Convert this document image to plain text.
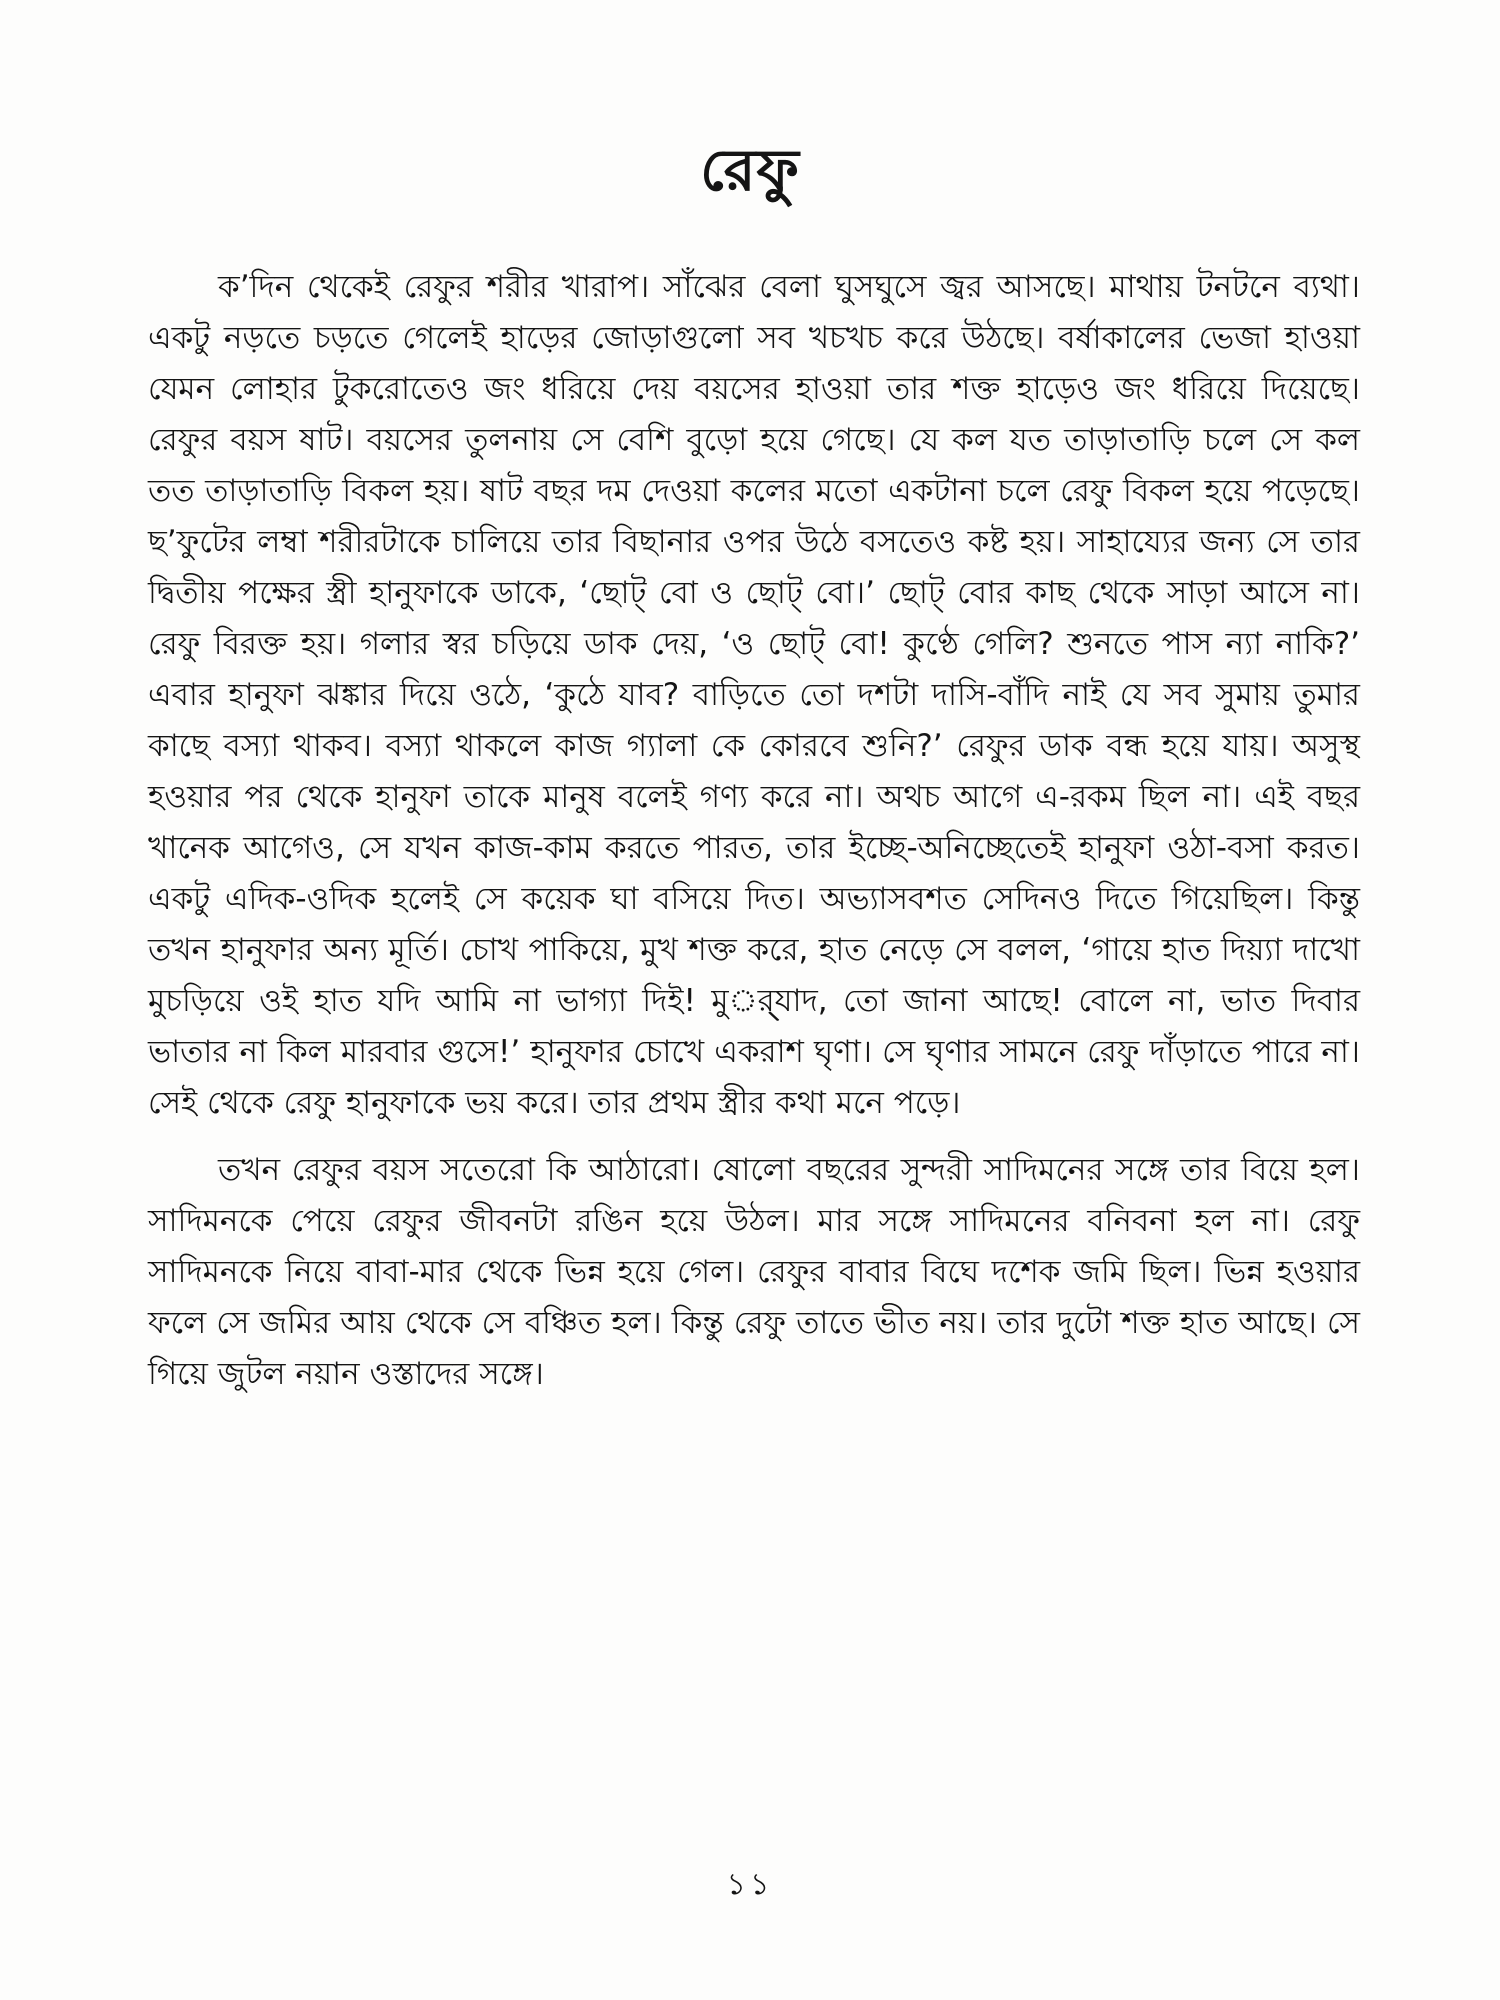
রেফু

ক’দিন থেকেই রেফুর শরীর খারাপ। সাঁঝের বেলা ঘুসঘুসে জ্বর আসছে। মাথায় টনটনে ব্যথা। একটু নড়তে চড়তে গেলেই হাড়ের জোড়াগুলো সব খচখচ করে উঠছে। বর্ষাকালের ভেজা হাওয়া যেমন লোহার টুকরোতেও জং ধরিয়ে দেয় বয়সের হাওয়া তার শক্ত হাড়েও জং ধরিয়ে দিয়েছে। রেফুর বয়স ষাট। বয়সের তুলনায় সে বেশি বুড়ো হয়ে গেছে। যে কল যত তাড়াতাড়ি চলে সে কল তত তাড়াতাড়ি বিকল হয়। ষাট বছর দম দেওয়া কলের মতো একটানা চলে রেফু বিকল হয়ে পড়েছে। ছ’ফুটের লম্বা শরীরটাকে চালিয়ে তার বিছানার ওপর উঠে বসতেও কষ্ট হয়। সাহায্যের জন্য সে তার দ্বিতীয় পক্ষের স্ত্রী হানুফাকে ডাকে, ‘ছোট্ বো ও ছোট্ বো।’ ছোট্ বোর কাছ থেকে সাড়া আসে না। রেফু বিরক্ত হয়। গলার স্বর চড়িয়ে ডাক দেয়, ‘ও ছোট্ বো! কুণ্ঠে গেলি? শুনতে পাস ন্যা নাকি?’ এবার হানুফা ঝঙ্কার দিয়ে ওঠে, ‘কুঠে যাব? বাড়িতে তো দশটা দাসি-বাঁদি নাই যে সব সুমায় তুমার কাছে বস্যা থাকব। বস্যা থাকলে কাজ গ্যালা কে কোরবে শুনি?’ রেফুর ডাক বন্ধ হয়ে যায়। অসুস্থ হওয়ার পর থেকে হানুফা তাকে মানুষ বলেই গণ্য করে না। অথচ আগে এ-রকম ছিল না। এই বছর খানেক আগেও, সে যখন কাজ-কাম করতে পারত, তার ইচ্ছে-অনিচ্ছেতেই হানুফা ওঠা-বসা করত। একটু এদিক-ওদিক হলেই সে কয়েক ঘা বসিয়ে দিত। অভ্যাসবশত সেদিনও দিতে গিয়েছিল। কিন্তু তখন হানুফার অন্য মূর্তি। চোখ পাকিয়ে, মুখ শক্ত করে, হাত নেড়ে সে বলল, ‘গায়ে হাত দিয়্যা দাখো মুচড়িয়ে ওই হাত যদি আমি না ভাগ্যা দিই! মুর্‍্যাদ, তো জানা আছে! বোলে না, ভাত দিবার ভাতার না কিল মারবার গুসে!’ হানুফার চোখে একরাশ ঘৃণা। সে ঘৃণার সামনে রেফু দাঁড়াতে পারে না। সেই থেকে রেফু হানুফাকে ভয় করে। তার প্রথম স্ত্রীর কথা মনে পড়ে।

তখন রেফুর বয়স সতেরো কি আঠারো। ষোলো বছরের সুন্দরী সাদিমনের সঙ্গে তার বিয়ে হল। সাদিমনকে পেয়ে রেফুর জীবনটা রঙিন হয়ে উঠল। মার সঙ্গে সাদিমনের বনিবনা হল না। রেফু সাদিমনকে নিয়ে বাবা-মার থেকে ভিন্ন হয়ে গেল। রেফুর বাবার বিঘে দশেক জমি ছিল। ভিন্ন হওয়ার ফলে সে জমির আয় থেকে সে বঞ্চিত হল। কিন্তু রেফু তাতে ভীত নয়। তার দুটো শক্ত হাত আছে। সে গিয়ে জুটল নয়ান ওস্তাদের সঙ্গে।

১১
